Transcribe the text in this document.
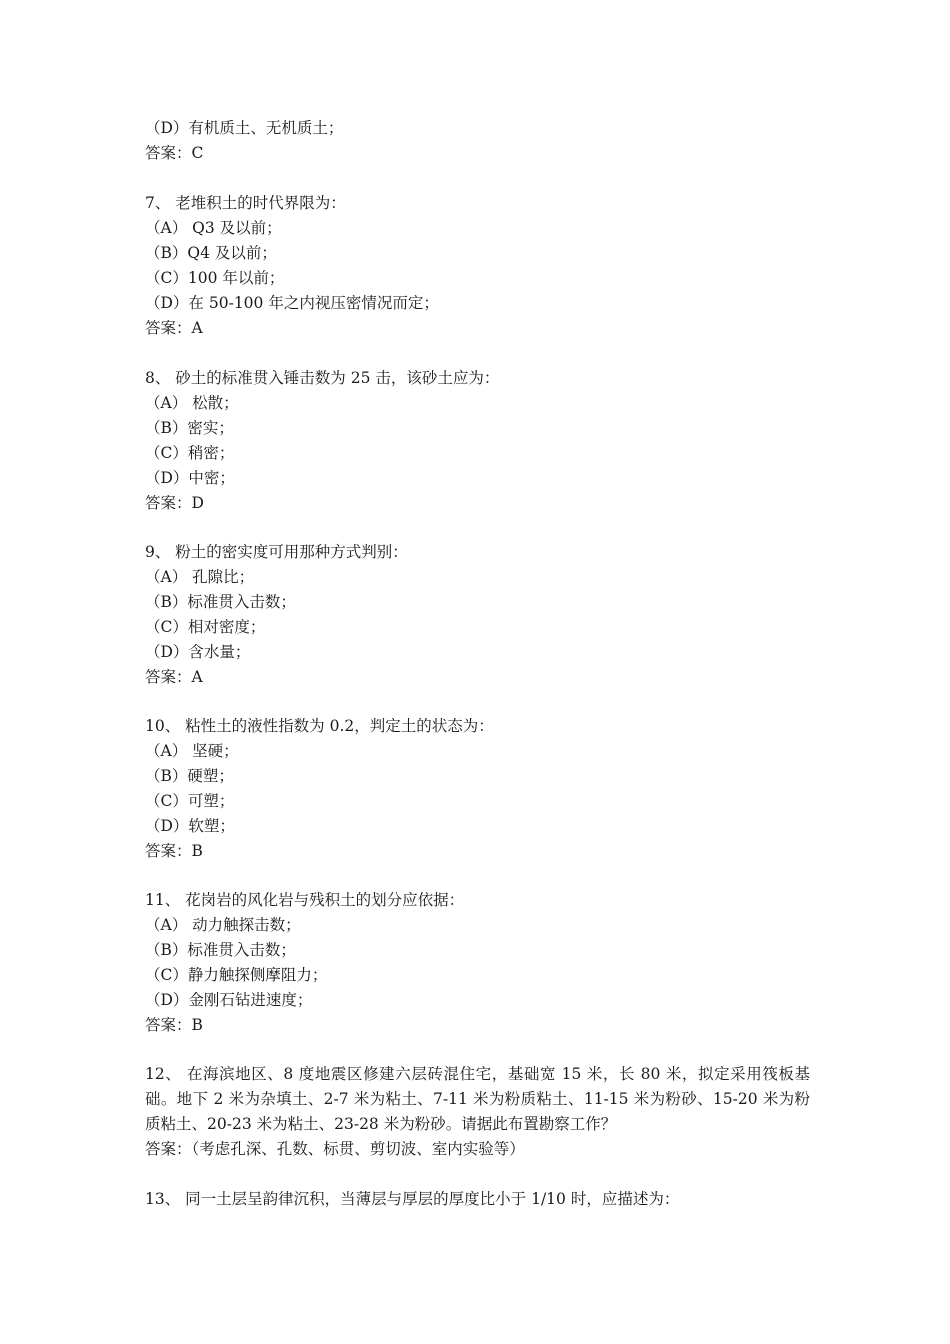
（D）有机质土、无机质土；
答案：C
7、 老堆积土的时代界限为：
（A） Q3 及以前；
（B）Q4 及以前；
（C）100 年以前；
（D）在 50-100 年之内视压密情况而定；
答案：A
8、 砂土的标准贯入锤击数为 25 击，该砂土应为：
（A） 松散；
（B）密实；
（C）稍密；
（D）中密；
答案：D
9、 粉土的密实度可用那种方式判别：
（A） 孔隙比；
（B）标准贯入击数；
（C）相对密度；
（D）含水量；
答案：A
10、 粘性土的液性指数为 0.2，判定土的状态为：
（A） 坚硬；
（B）硬塑；
（C）可塑；
（D）软塑；
答案：B
11、 花岗岩的风化岩与残积土的划分应依据：
（A） 动力触探击数；
（B）标准贯入击数；
（C）静力触探侧摩阻力；
（D）金刚石钻进速度；
答案：B
12、 在海滨地区、8 度地震区修建六层砖混住宅，基础宽 15 米，长 80 米，拟定采用筏板基础。地下 2 米为杂填土、2-7 米为粘土、7-11 米为粉质粘土、11-15 米为粉砂、15-20 米为粉质粘土、20-23 米为粘土、23-28 米为粉砂。请据此布置勘察工作？
答案：（考虑孔深、孔数、标贯、剪切波、室内实验等）
13、 同一土层呈韵律沉积，当薄层与厚层的厚度比小于 1/10 时，应描述为：
